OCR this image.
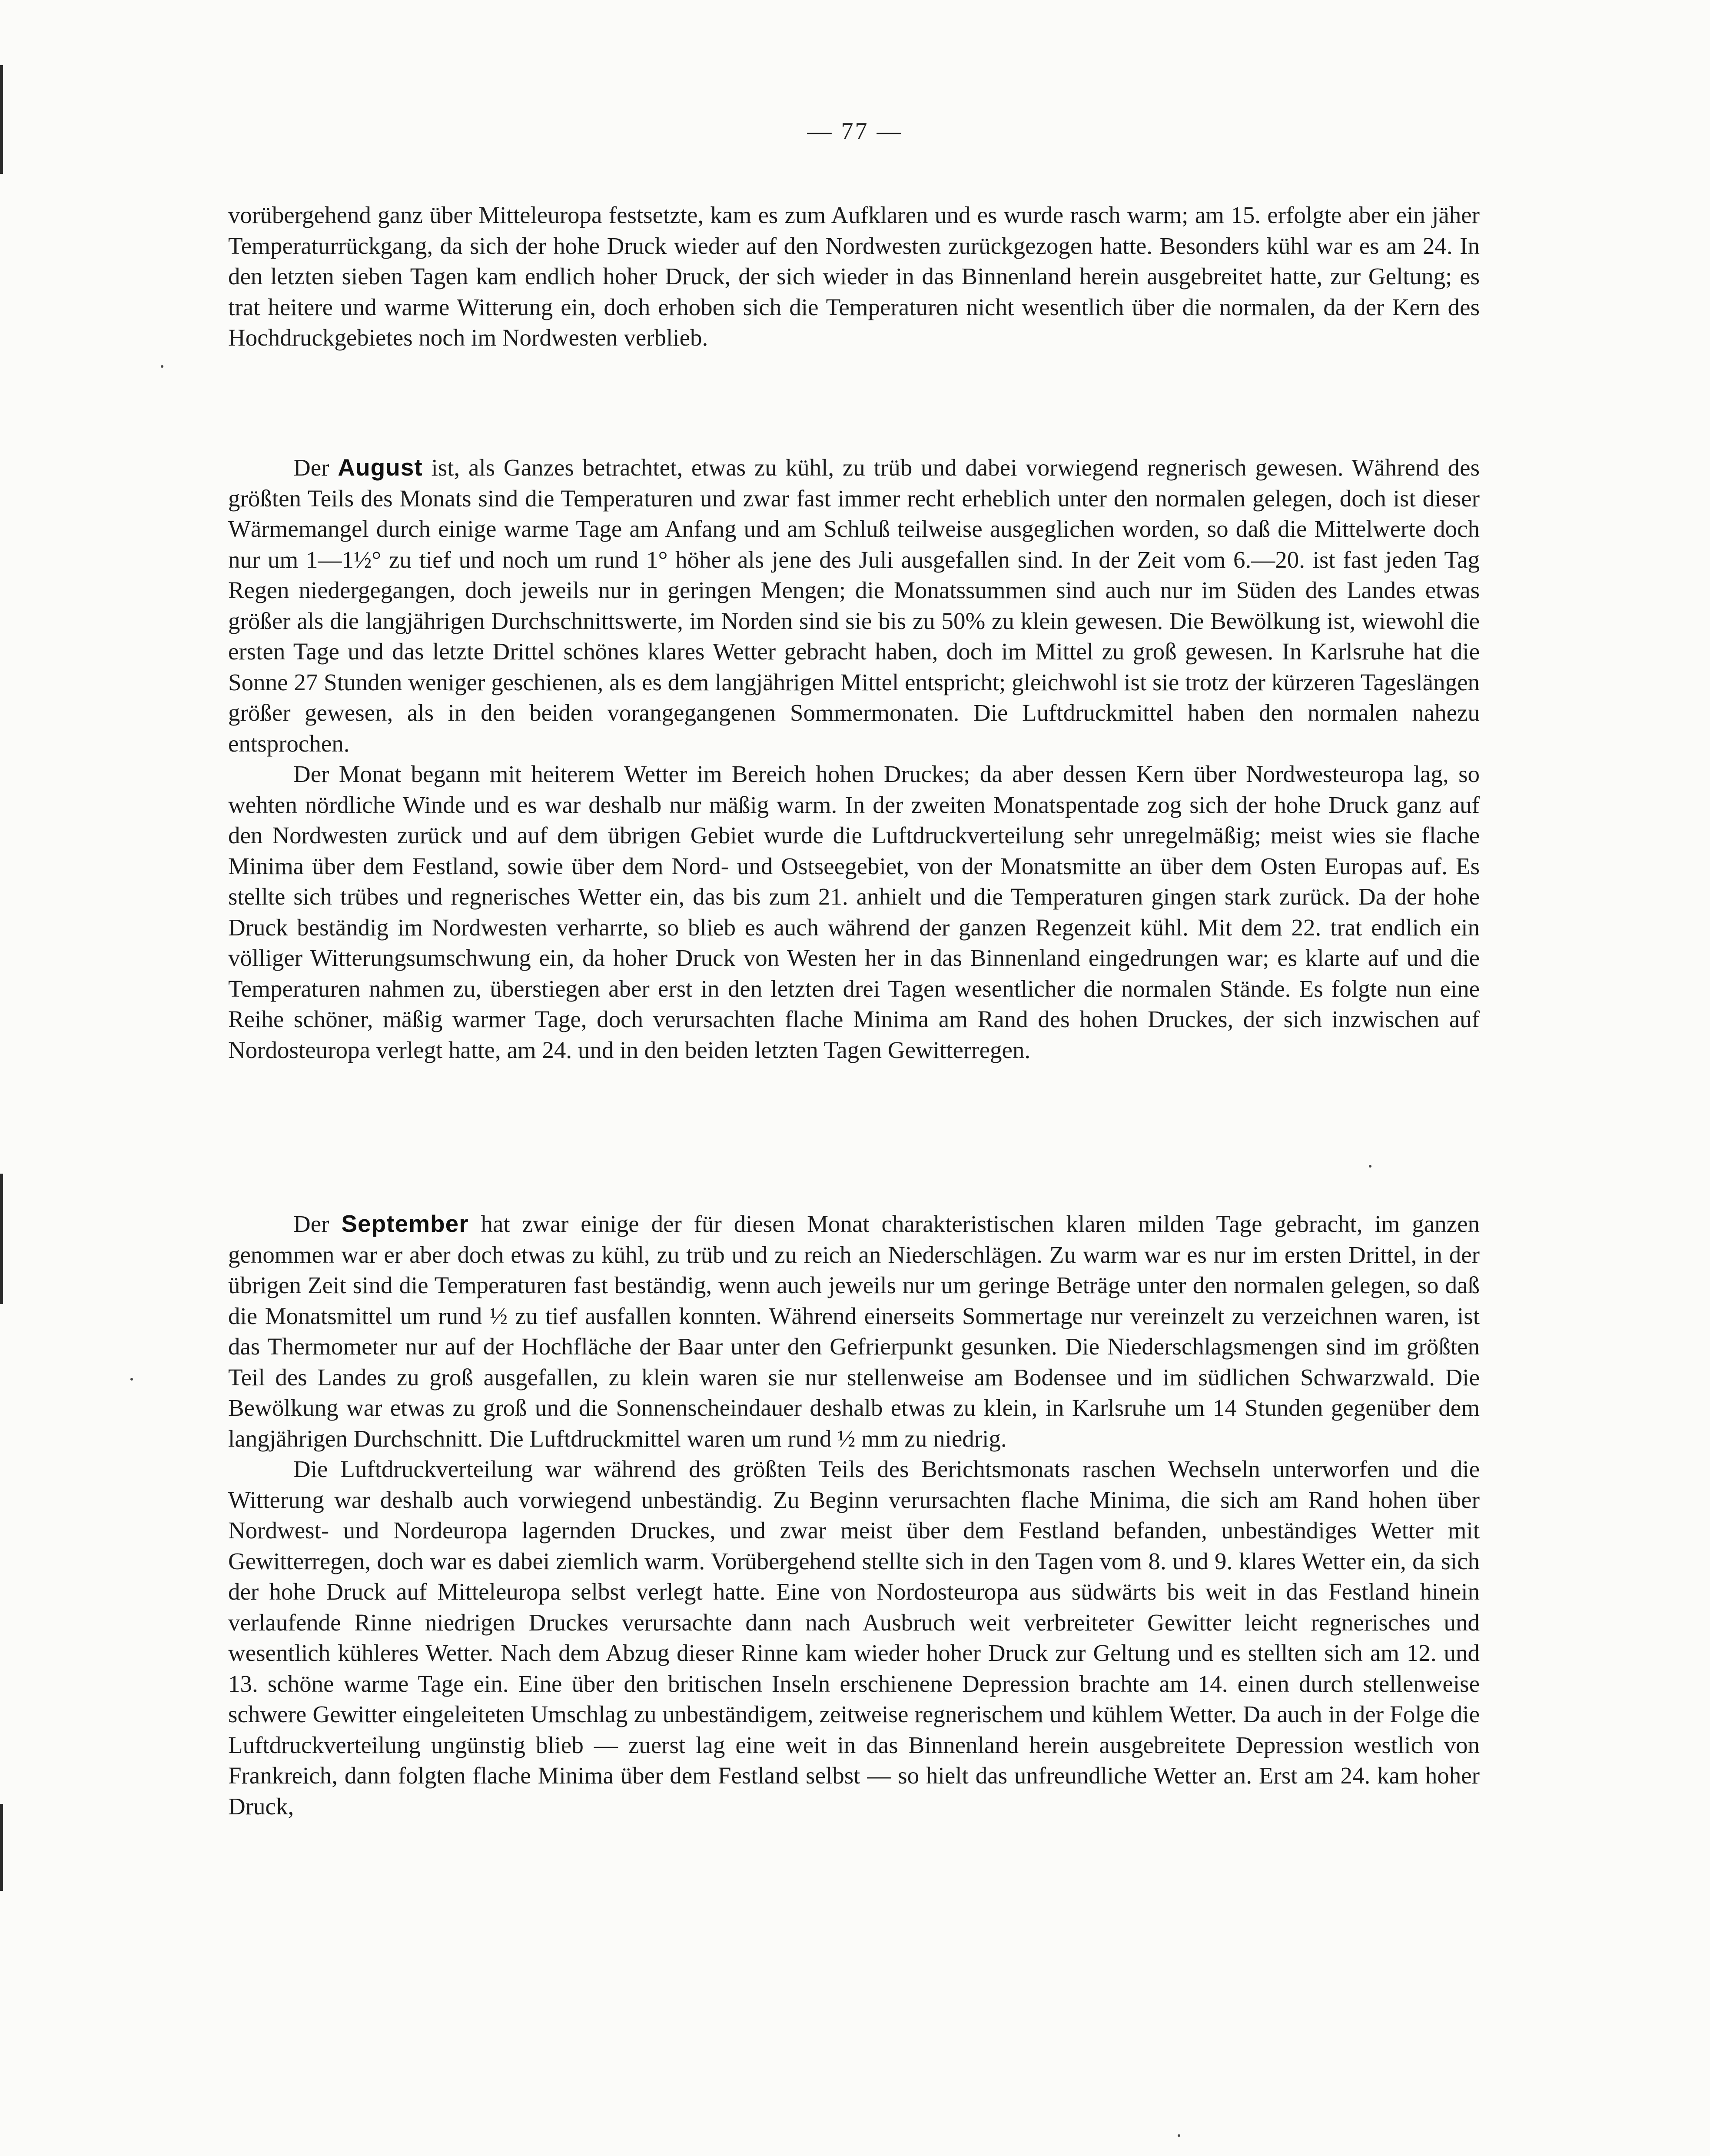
— 77 —

vorübergehend ganz über Mitteleuropa festsetzte, kam es zum Aufklaren und es wurde rasch warm; am 15. erfolgte aber ein jäher Temperaturrückgang, da sich der hohe Druck wieder auf den Nordwesten zurückgezogen hatte. Besonders kühl war es am 24. In den letzten sieben Tagen kam endlich hoher Druck, der sich wieder in das Binnenland herein ausgebreitet hatte, zur Geltung; es trat heitere und warme Witterung ein, doch erhoben sich die Temperaturen nicht wesentlich über die normalen, da der Kern des Hochdruckgebietes noch im Nordwesten verblieb.

Der August ist, als Ganzes betrachtet, etwas zu kühl, zu trüb und dabei vorwiegend regnerisch gewesen. Während des größten Teils des Monats sind die Temperaturen und zwar fast immer recht erheblich unter den normalen gelegen, doch ist dieser Wärmemangel durch einige warme Tage am Anfang und am Schluß teilweise ausgeglichen worden, so daß die Mittelwerte doch nur um 1—1½° zu tief und noch um rund 1° höher als jene des Juli ausgefallen sind. In der Zeit vom 6.—20. ist fast jeden Tag Regen niedergegangen, doch jeweils nur in geringen Mengen; die Monatssummen sind auch nur im Süden des Landes etwas größer als die langjährigen Durchschnittswerte, im Norden sind sie bis zu 50% zu klein gewesen. Die Bewölkung ist, wiewohl die ersten Tage und das letzte Drittel schönes klares Wetter gebracht haben, doch im Mittel zu groß gewesen. In Karlsruhe hat die Sonne 27 Stunden weniger geschienen, als es dem langjährigen Mittel entspricht; gleichwohl ist sie trotz der kürzeren Tageslängen größer gewesen, als in den beiden vorangegangenen Sommermonaten. Die Luftdruckmittel haben den normalen nahezu entsprochen.

Der Monat begann mit heiterem Wetter im Bereich hohen Druckes; da aber dessen Kern über Nordwesteuropa lag, so wehten nördliche Winde und es war deshalb nur mäßig warm. In der zweiten Monatspentade zog sich der hohe Druck ganz auf den Nordwesten zurück und auf dem übrigen Gebiet wurde die Luftdruckverteilung sehr unregelmäßig; meist wies sie flache Minima über dem Festland, sowie über dem Nord- und Ostseegebiet, von der Monatsmitte an über dem Osten Europas auf. Es stellte sich trübes und regnerisches Wetter ein, das bis zum 21. anhielt und die Temperaturen gingen stark zurück. Da der hohe Druck beständig im Nordwesten verharrte, so blieb es auch während der ganzen Regenzeit kühl. Mit dem 22. trat endlich ein völliger Witterungsumschwung ein, da hoher Druck von Westen her in das Binnenland eingedrungen war; es klarte auf und die Temperaturen nahmen zu, überstiegen aber erst in den letzten drei Tagen wesentlicher die normalen Stände. Es folgte nun eine Reihe schöner, mäßig warmer Tage, doch verursachten flache Minima am Rand des hohen Druckes, der sich inzwischen auf Nordosteuropa verlegt hatte, am 24. und in den beiden letzten Tagen Gewitterregen.

Der September hat zwar einige der für diesen Monat charakteristischen klaren milden Tage gebracht, im ganzen genommen war er aber doch etwas zu kühl, zu trüb und zu reich an Niederschlägen. Zu warm war es nur im ersten Drittel, in der übrigen Zeit sind die Temperaturen fast beständig, wenn auch jeweils nur um geringe Beträge unter den normalen gelegen, so daß die Monatsmittel um rund ½ zu tief ausfallen konnten. Während einerseits Sommertage nur vereinzelt zu verzeichnen waren, ist das Thermometer nur auf der Hochfläche der Baar unter den Gefrierpunkt gesunken. Die Niederschlagsmengen sind im größten Teil des Landes zu groß ausgefallen, zu klein waren sie nur stellenweise am Bodensee und im südlichen Schwarzwald. Die Bewölkung war etwas zu groß und die Sonnenscheindauer deshalb etwas zu klein, in Karlsruhe um 14 Stunden gegenüber dem langjährigen Durchschnitt. Die Luftdruckmittel waren um rund ½ mm zu niedrig.

Die Luftdruckverteilung war während des größten Teils des Berichtsmonats raschen Wechseln unterworfen und die Witterung war deshalb auch vorwiegend unbeständig. Zu Beginn verursachten flache Minima, die sich am Rand hohen über Nordwest- und Nordeuropa lagernden Druckes, und zwar meist über dem Festland befanden, unbeständiges Wetter mit Gewitterregen, doch war es dabei ziemlich warm. Vorübergehend stellte sich in den Tagen vom 8. und 9. klares Wetter ein, da sich der hohe Druck auf Mitteleuropa selbst verlegt hatte. Eine von Nordosteuropa aus südwärts bis weit in das Festland hinein verlaufende Rinne niedrigen Druckes verursachte dann nach Ausbruch weit verbreiteter Gewitter leicht regnerisches und wesentlich kühleres Wetter. Nach dem Abzug dieser Rinne kam wieder hoher Druck zur Geltung und es stellten sich am 12. und 13. schöne warme Tage ein. Eine über den britischen Inseln erschienene Depression brachte am 14. einen durch stellenweise schwere Gewitter eingeleiteten Umschlag zu unbeständigem, zeitweise regnerischem und kühlem Wetter. Da auch in der Folge die Luftdruckverteilung ungünstig blieb — zuerst lag eine weit in das Binnenland herein ausgebreitete Depression westlich von Frankreich, dann folgten flache Minima über dem Festland selbst — so hielt das unfreundliche Wetter an. Erst am 24. kam hoher Druck,
